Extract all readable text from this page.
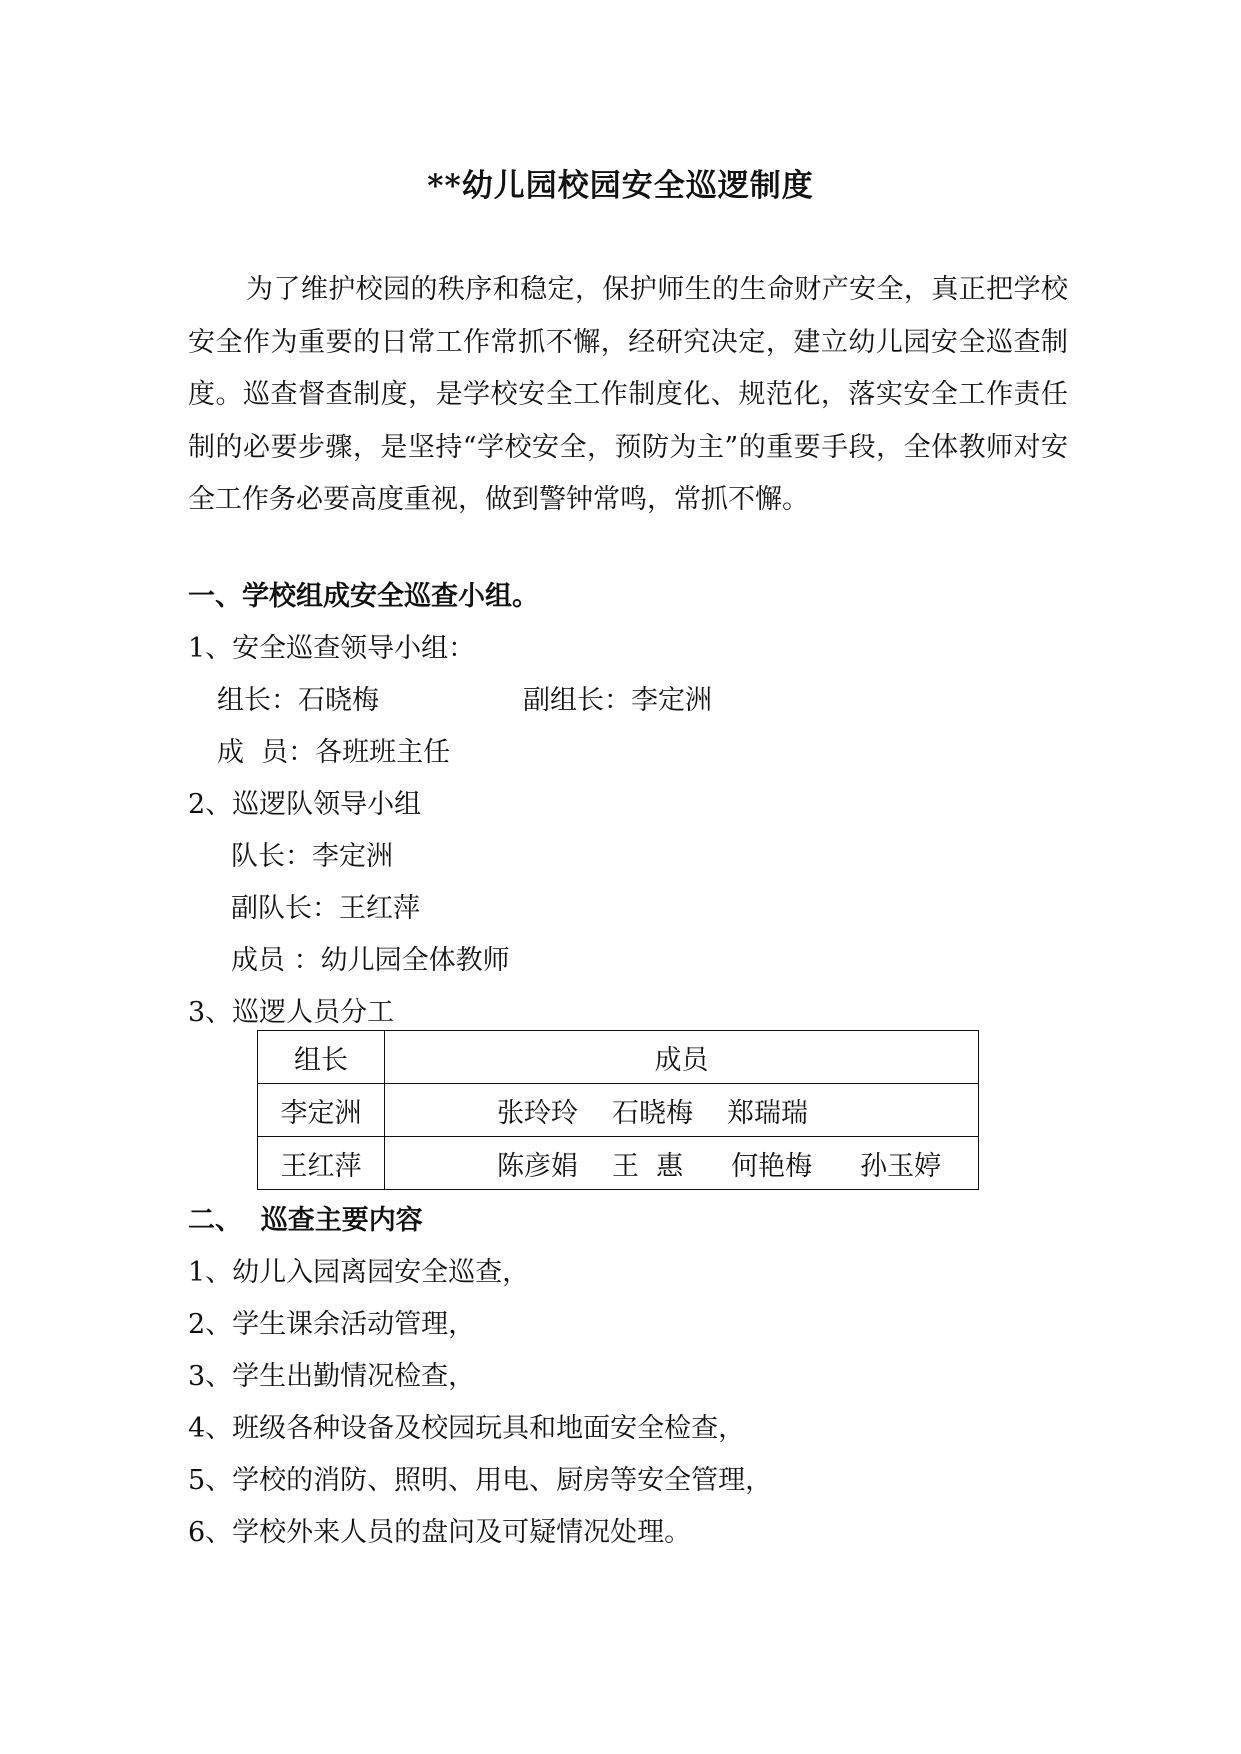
**幼儿园校园安全巡逻制度
为了维护校园的秩序和稳定，保护师生的生命财产安全，真正把学校安全作为重要的日常工作常抓不懈，经研究决定，建立幼儿园安全巡查制度。巡查督查制度，是学校安全工作制度化、规范化，落实安全工作责任制的必要步骤，是坚持“学校安全，预防为主”的重要手段，全体教师对安全工作务必要高度重视，做到警钟常鸣，常抓不懈。
一、学校组成安全巡查小组。
1、安全巡查领导小组：
组长：石晓梅	副组长：李定洲
成  员：各班班主任
2、巡逻队领导小组
队长：李定洲
副队长：王红萍
成员 ：幼儿园全体教师
3、巡逻人员分工
组长	成员
李定洲	张玲玲 石晓梅 郑瑞瑞
王红萍	陈彦娟 王  惠 何艳梅 孙玉婷
二、  巡查主要内容
1、幼儿入园离园安全巡查，
2、学生课余活动管理，
3、学生出勤情况检查，
4、班级各种设备及校园玩具和地面安全检查，
5、学校的消防、照明、用电、厨房等安全管理，
6、学校外来人员的盘问及可疑情况处理。
